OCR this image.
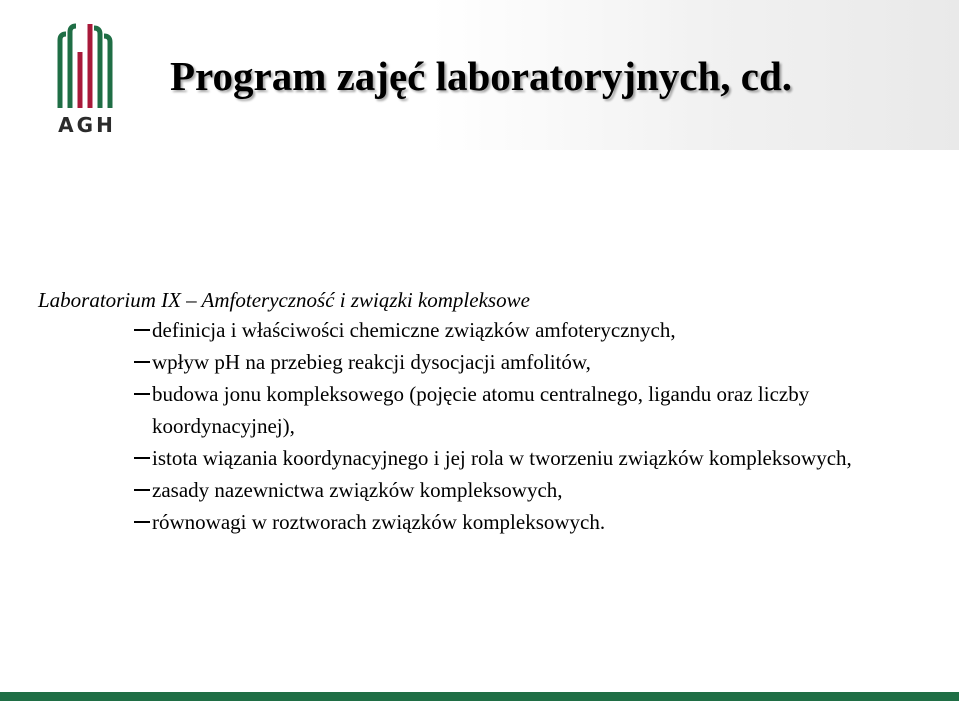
AGH
Program zajęć laboratoryjnych, cd.
Laboratorium IX – Amfoteryczność i związki kompleksowe
definicja i właściwości chemiczne związków amfoterycznych,
wpływ pH na przebieg reakcji dysocjacji amfolitów,
budowa jonu kompleksowego (pojęcie atomu centralnego, ligandu oraz liczby koordynacyjnej),
istota wiązania koordynacyjnego i jej rola w tworzeniu związków kompleksowych,
zasady nazewnictwa związków kompleksowych,
równowagi w roztworach związków kompleksowych.
